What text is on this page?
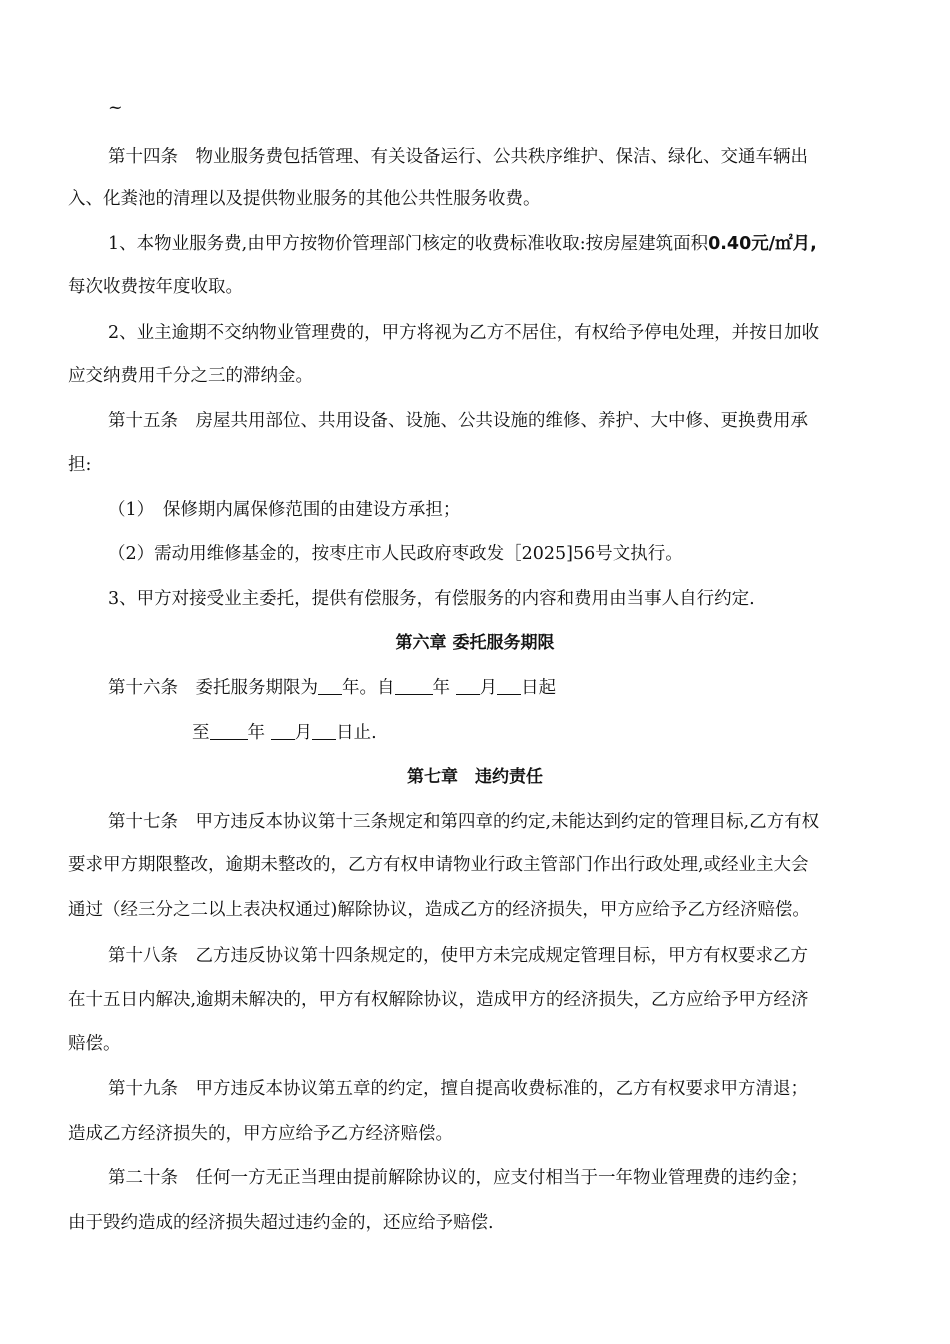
~
第十四条　物业服务费包括管理、有关设备运行、公共秩序维护、保洁、绿化、交通车辆出
入、化粪池的清理以及提供物业服务的其他公共性服务收费。
1、本物业服务费,由甲方按物价管理部门核定的收费标准收取:按房屋建筑面积0.40元/㎡月,
每次收费按年度收取。
2、业主逾期不交纳物业管理费的，甲方将视为乙方不居住，有权给予停电处理，并按日加收
应交纳费用千分之三的滞纳金。
第十五条　房屋共用部位、共用设备、设施、公共设施的维修、养护、大中修、更换费用承
担:
（1）　保修期内属保修范围的由建设方承担；
（2）需动用维修基金的，按枣庄市人民政府枣政发［2025]56号文执行。
3、甲方对接受业主委托，提供有偿服务，有偿服务的内容和费用由当事人自行约定.
第六章 委托服务期限
第十六条　委托服务期限为 年。自 年 月 日起
至 年 月 日止.
第七章　违约责任
第十七条　甲方违反本协议第十三条规定和第四章的约定,未能达到约定的管理目标,乙方有权
要求甲方期限整改，逾期未整改的，乙方有权申请物业行政主管部门作出行政处理,或经业主大会
通过（经三分之二以上表决权通过)解除协议，造成乙方的经济损失，甲方应给予乙方经济赔偿。
第十八条　乙方违反协议第十四条规定的，使甲方未完成规定管理目标，甲方有权要求乙方
在十五日内解决,逾期未解决的，甲方有权解除协议，造成甲方的经济损失，乙方应给予甲方经济
赔偿。
第十九条　甲方违反本协议第五章的约定，擅自提高收费标准的，乙方有权要求甲方清退；
造成乙方经济损失的，甲方应给予乙方经济赔偿。
第二十条　任何一方无正当理由提前解除协议的，应支付相当于一年物业管理费的违约金；
由于毁约造成的经济损失超过违约金的，还应给予赔偿.
